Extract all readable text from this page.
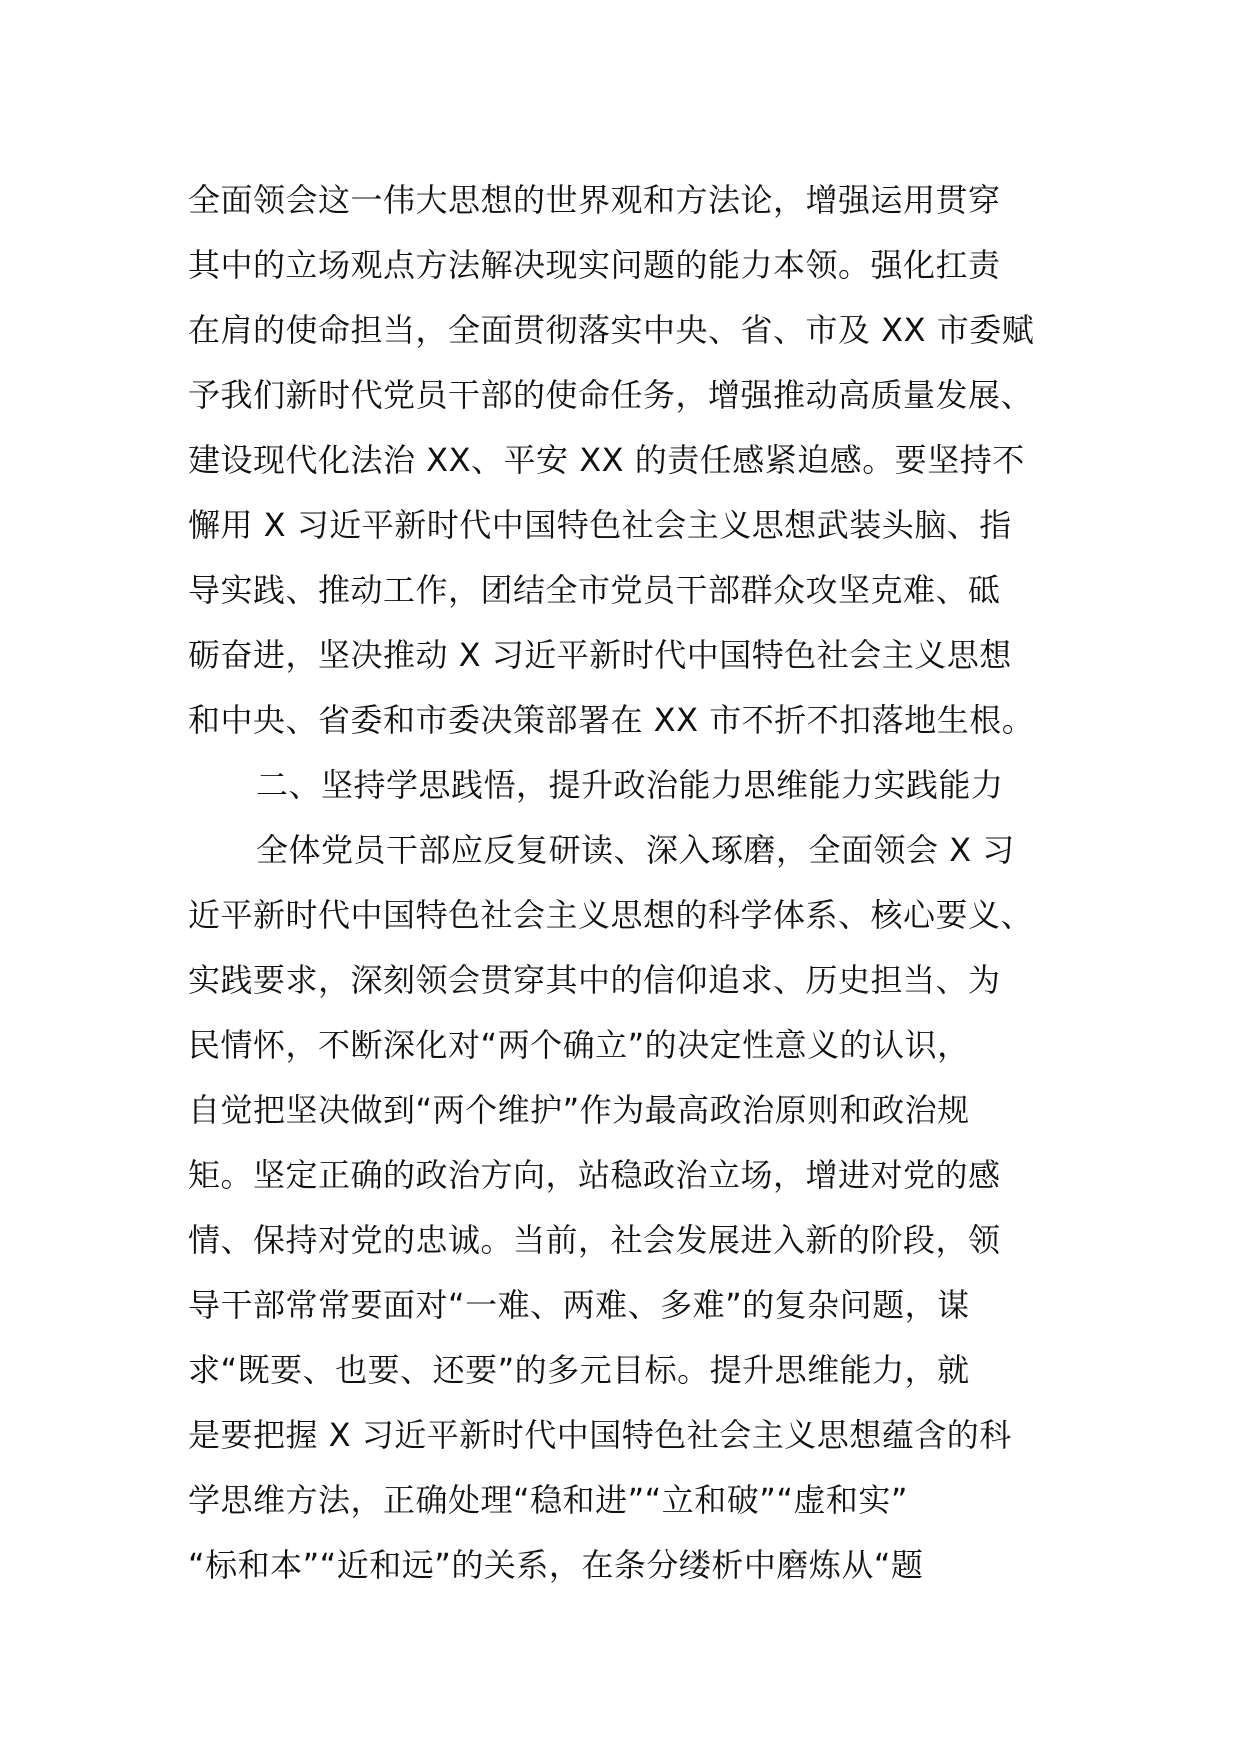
全面领会这一伟大思想的世界观和方法论，增强运用贯穿
其中的立场观点方法解决现实问题的能力本领。强化扛责
在肩的使命担当，全面贯彻落实中央、省、市及 XX 市委赋
予我们新时代党员干部的使命任务，增强推动高质量发展、
建设现代化法治 XX、平安 XX 的责任感紧迫感。要坚持不
懈用 X 习近平新时代中国特色社会主义思想武装头脑、指
导实践、推动工作，团结全市党员干部群众攻坚克难、砥
砺奋进，坚决推动 X 习近平新时代中国特色社会主义思想
和中央、省委和市委决策部署在 XX 市不折不扣落地生根。
二、坚持学思践悟，提升政治能力思维能力实践能力
全体党员干部应反复研读、深入琢磨，全面领会 X 习
近平新时代中国特色社会主义思想的科学体系、核心要义、
实践要求，深刻领会贯穿其中的信仰追求、历史担当、为
民情怀，不断深化对“两个确立”的决定性意义的认识，
自觉把坚决做到“两个维护”作为最高政治原则和政治规
矩。坚定正确的政治方向，站稳政治立场，增进对党的感
情、保持对党的忠诚。当前，社会发展进入新的阶段，领
导干部常常要面对“一难、两难、多难”的复杂问题，谋
求“既要、也要、还要”的多元目标。提升思维能力，就
是要把握 X 习近平新时代中国特色社会主义思想蕴含的科
学思维方法，正确处理“稳和进”“立和破”“虚和实”
“标和本”“近和远”的关系，在条分缕析中磨炼从“题
